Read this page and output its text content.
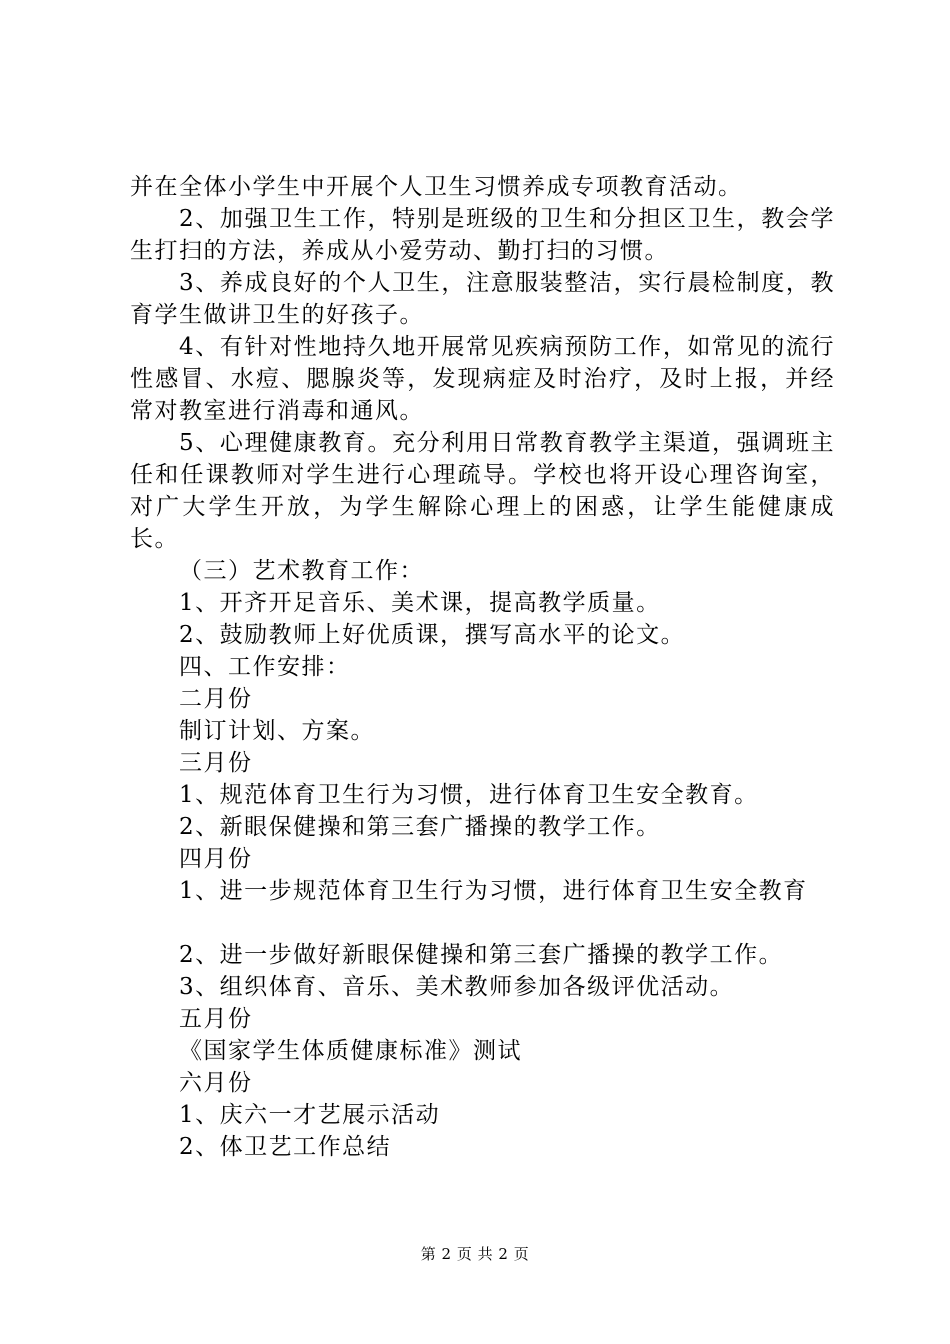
并在全体小学生中开展个人卫生习惯养成专项教育活动。

2、加强卫生工作，特别是班级的卫生和分担区卫生，教会学生打扫的方法，养成从小爱劳动、勤打扫的习惯。

3、养成良好的个人卫生，注意服装整洁，实行晨检制度，教育学生做讲卫生的好孩子。

4、有针对性地持久地开展常见疾病预防工作，如常见的流行性感冒、水痘、腮腺炎等，发现病症及时治疗，及时上报，并经常对教室进行消毒和通风。

5、心理健康教育。充分利用日常教育教学主渠道，强调班主任和任课教师对学生进行心理疏导。学校也将开设心理咨询室，对广大学生开放，为学生解除心理上的困惑，让学生能健康成长。

（三）艺术教育工作：

1、开齐开足音乐、美术课，提高教学质量。

2、鼓励教师上好优质课，撰写高水平的论文。

四、工作安排：

二月份

制订计划、方案。

三月份

1、规范体育卫生行为习惯，进行体育卫生安全教育。

2、新眼保健操和第三套广播操的教学工作。

四月份

1、进一步规范体育卫生行为习惯，进行体育卫生安全教育

2、进一步做好新眼保健操和第三套广播操的教学工作。

3、组织体育、音乐、美术教师参加各级评优活动。

五月份

《国家学生体质健康标准》测试

六月份

1、庆六一才艺展示活动

2、体卫艺工作总结

第 2 页 共 2 页
